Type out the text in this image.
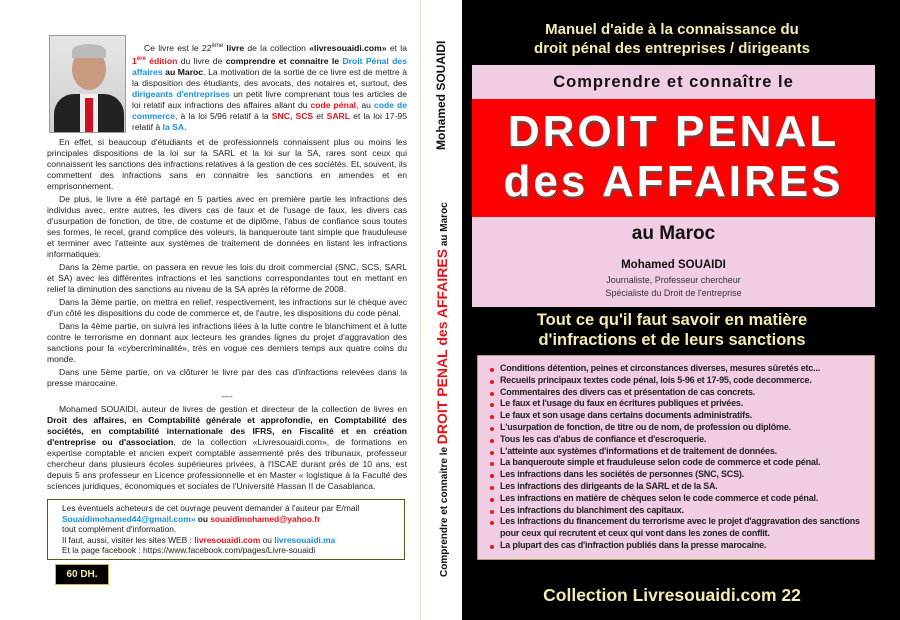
Ce livre est le 22ème livre de la collection «livresouaidi.com» et la 1ère édition du livre de comprendre et connaitre le Droit Pénal des affaires au Maroc. La motivation de la sortie de ce livre est de mettre à la disposition des étudiants, des avocats, des notaires et, surtout, des dirigeants d'entreprises un petit livre comprenant tous les articles de loi relatif aux infractions des affaires allant du code pénal, au code de commerce, à la loi 5/96 relatif à la SNC, SCS et SARL et la loi 17-95 relatif à la SA.

En effet, si beaucoup d'étudiants et de professionnels connaissent plus ou moins les principales dispositions de la loi sur la SARL et la loi sur la SA, rares sont ceux qui connaissent les sanctions des infractions relatives à la gestion de ces sociétés. Et, souvent, ils commettent des infractions sans en connaitre les sanctions en amendes et en emprisonnement.

De plus, le livre a été partagé en 5 parties avec en première partie les infractions des individus avec, entre autres, les divers cas de faux et de l'usage de faux, les divers cas d'usurpation de fonction, de titre, de costume et de diplôme, l'abus de confiance sous toutes ses formes, le recel, grand complice des voleurs, la banqueroute tant simple que frauduleuse et terminer avec l'atteinte aux systèmes de traitement de données en listant les infractions informatiques.

Dans la 2ème partie, on passera en revue les lois du droit commercial (SNC, SCS, SARL et SA) avec les différentes infractions et les sanctions correspondantes tout en mettant en relief la diminution des sanctions au niveau de la SA après la réforme de 2008.

Dans la 3ème partie, on mettra en relief, respectivement, les infractions sur le chèque avec d'un côté les dispositions du code de commerce et, de l'autre, les dispositions du code pénal.

Dans la 4ème partie, on suivra les infractions liées à la lutte contre le blanchiment et à lutte contre le terrorisme en donnant aux lecteurs les grandes lignes du projet d'aggravation des sanctions pour la «cybercriminalité», très en vogue ces derniers temps aux quatre coins du monde.

Dans une 5ème partie, on va clôturer le livre par des cas d'infractions relevées dans la presse marocaine.

----

Mohamed SOUAIDI, auteur de livres de gestion et directeur de la collection de livres en Droit des affaires, en Comptabilité générale et approfondie, en Comptabilité des sociétés, en comptabilité internationale des IFRS, en Fiscalité et en création d'entreprise ou d'association, de la collection «Livresouaidi.com», de formations en expertise comptable et ancien expert comptable assermenté prés des tribunaux, professeur chercheur dans plusieurs écoles supérieures privées, à l'ISCAE durant prés de 10 ans, est depuis 5 ans professeur en Licence professionnelle et en Master « logistique à la Faculté des sciences juridiques, économiques et sociales de l'Université Hassan II de Casablanca.

Les éventuels acheteurs de cet ouvrage peuvent demander à l'auteur par E/mail
Souaidimohamed44@gmail.com» ou souaidimohamed@yahoo.fr
tout complément d'information.
Il faut, aussi, visiter les sites WEB : livresouaidi.com ou livresouaidi.ma
Et la page facebook : https://www.facebook.com/pages/Livre-souaidi
60 DH.
Mohamed SOUAIDI
Comprendre et connaitre le DROIT PENAL des AFFAIRES au Maroc
Manuel d'aide à la connaissance du
droit pénal des entreprises / dirigeants
Comprendre et connaître le
DROIT PENAL
des AFFAIRES
au Maroc
Mohamed SOUAIDI
Journaliste, Professeur chercheur
Spécialiste du Droit de l'entreprise
Tout ce qu'il faut savoir en matière
d'infractions et de leurs sanctions
Conditions détention, peines et circonstances diverses, mesures sûretés etc...
Recueils principaux textes code pénal, lois 5-96 et 17-95, code decommerce.
Commentaires des divers cas et présentation de cas concrets.
Le faux et l'usage du faux en écritures publiques et privées.
Le faux et son usage dans certains documents administratifs.
L'usurpation de fonction, de titre ou de nom, de profession ou diplôme.
Tous les cas d'abus de confiance et d'escroquerie.
L'atteinte aux systèmes d'informations et de traitement de données.
La banqueroute simple et frauduleuse selon code de commerce et code pénal.
Les infractions dans les sociétés de personnes (SNC, SCS).
Les infractions des dirigeants de la SARL et de la SA.
Les infractions en matière de chèques selon le code commerce et code pénal.
Les infractions du blanchiment des capitaux.
Les infractions du financement du terrorisme avec le projet d'aggravation des sanctions pour ceux qui recrutent et ceux qui vont dans les zones de conflit.
La plupart des cas d'infraction publiés dans la presse marocaine.
Collection Livresouaidi.com 22
